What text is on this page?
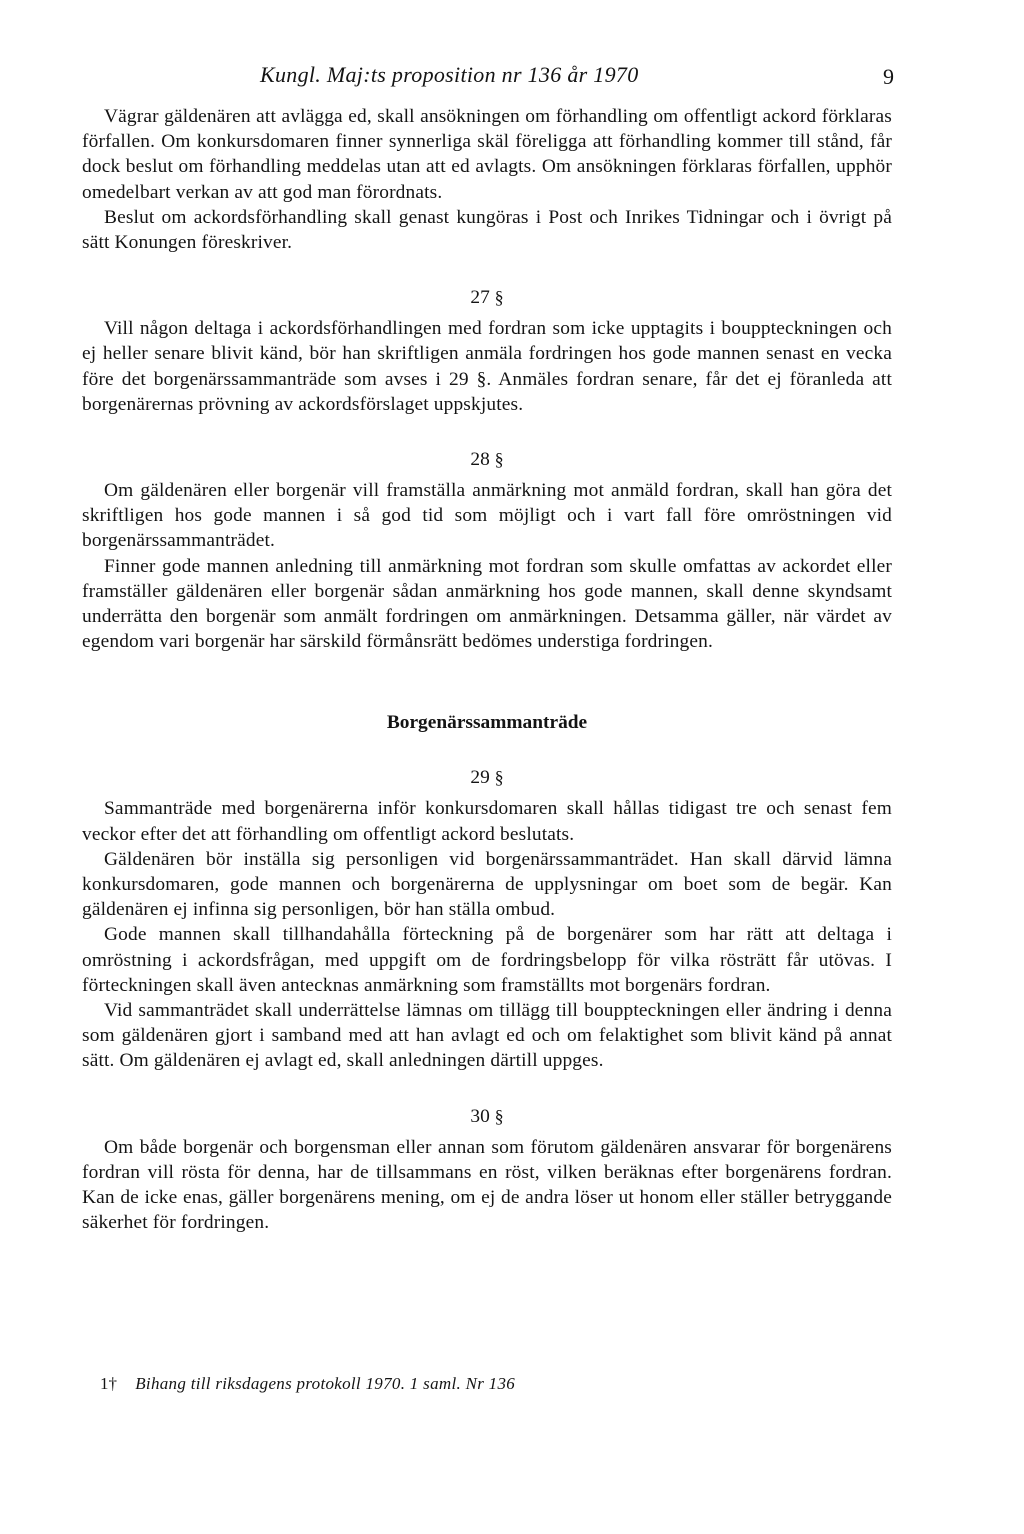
Kungl. Maj:ts proposition nr 136 år 1970	9

Vägrar gäldenären att avlägga ed, skall ansökningen om förhandling om offentligt ackord förklaras förfallen. Om konkursdomaren finner synnerliga skäl föreligga att förhandling kommer till stånd, får dock beslut om förhandling meddelas utan att ed avlagts. Om ansökningen förklaras förfallen, upphör omedelbart verkan av att god man förordnats.

Beslut om ackordsförhandling skall genast kungöras i Post och Inrikes Tidningar och i övrigt på sätt Konungen föreskriver.

27 §

Vill någon deltaga i ackordsförhandlingen med fordran som icke upptagits i bouppteckningen och ej heller senare blivit känd, bör han skriftligen anmäla fordringen hos gode mannen senast en vecka före det borgenärssammanträde som avses i 29 §. Anmäles fordran senare, får det ej föranleda att borgenärernas prövning av ackordsförslaget uppskjutes.

28 §

Om gäldenären eller borgenär vill framställa anmärkning mot anmäld fordran, skall han göra det skriftligen hos gode mannen i så god tid som möjligt och i vart fall före omröstningen vid borgenärssammanträdet.

Finner gode mannen anledning till anmärkning mot fordran som skulle omfattas av ackordet eller framställer gäldenären eller borgenär sådan anmärkning hos gode mannen, skall denne skyndsamt underrätta den borgenär som anmält fordringen om anmärkningen. Detsamma gäller, när värdet av egendom vari borgenär har särskild förmånsrätt bedömes understiga fordringen.

Borgenärssammanträde
29 §

Sammanträde med borgenärerna inför konkursdomaren skall hållas tidigast tre och senast fem veckor efter det att förhandling om offentligt ackord beslutats.

Gäldenären bör inställa sig personligen vid borgenärssammanträdet. Han skall därvid lämna konkursdomaren, gode mannen och borgenärerna de upplysningar om boet som de begär. Kan gäldenären ej infinna sig personligen, bör han ställa ombud.

Gode mannen skall tillhandahålla förteckning på de borgenärer som har rätt att deltaga i omröstning i ackordsfrågan, med uppgift om de fordringsbelopp för vilka rösträtt får utövas. I förteckningen skall även antecknas anmärkning som framställts mot borgenärs fordran.

Vid sammanträdet skall underrättelse lämnas om tillägg till bouppteckningen eller ändring i denna som gäldenären gjort i samband med att han avlagt ed och om felaktighet som blivit känd på annat sätt. Om gäldenären ej avlagt ed, skall anledningen därtill uppges.

30 §

Om både borgenär och borgensman eller annan som förutom gäldenären ansvarar för borgenärens fordran vill rösta för denna, har de tillsammans en röst, vilken beräknas efter borgenärens fordran. Kan de icke enas, gäller borgenärens mening, om ej de andra löser ut honom eller ställer betryggande säkerhet för fordringen.

1† Bihang till riksdagens protokoll 1970. 1 saml. Nr 136
